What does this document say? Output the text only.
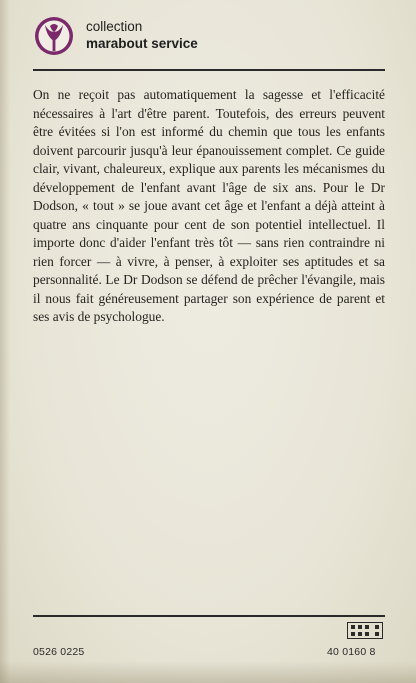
collection
marabout service

On ne reçoit pas automatiquement la sagesse et l'efficacité nécessaires à l'art d'être parent. Toutefois, des erreurs peuvent être évitées si l'on est informé du chemin que tous les enfants doivent parcourir jusqu'à leur épanouissement complet. Ce guide clair, vivant, chaleureux, explique aux parents les mécanismes du développement de l'enfant avant l'âge de six ans. Pour le Dr Dodson, « tout » se joue avant cet âge et l'enfant a déjà atteint à quatre ans cinquante pour cent de son potentiel intellectuel. Il importe donc d'aider l'enfant très tôt — sans rien contraindre ni rien forcer — à vivre, à penser, à exploiter ses aptitudes et sa personnalité. Le Dr Dodson se défend de prêcher l'évangile, mais il nous fait généreusement partager son expérience de parent et ses avis de psychologue.

0526 0225	40 0160 8
